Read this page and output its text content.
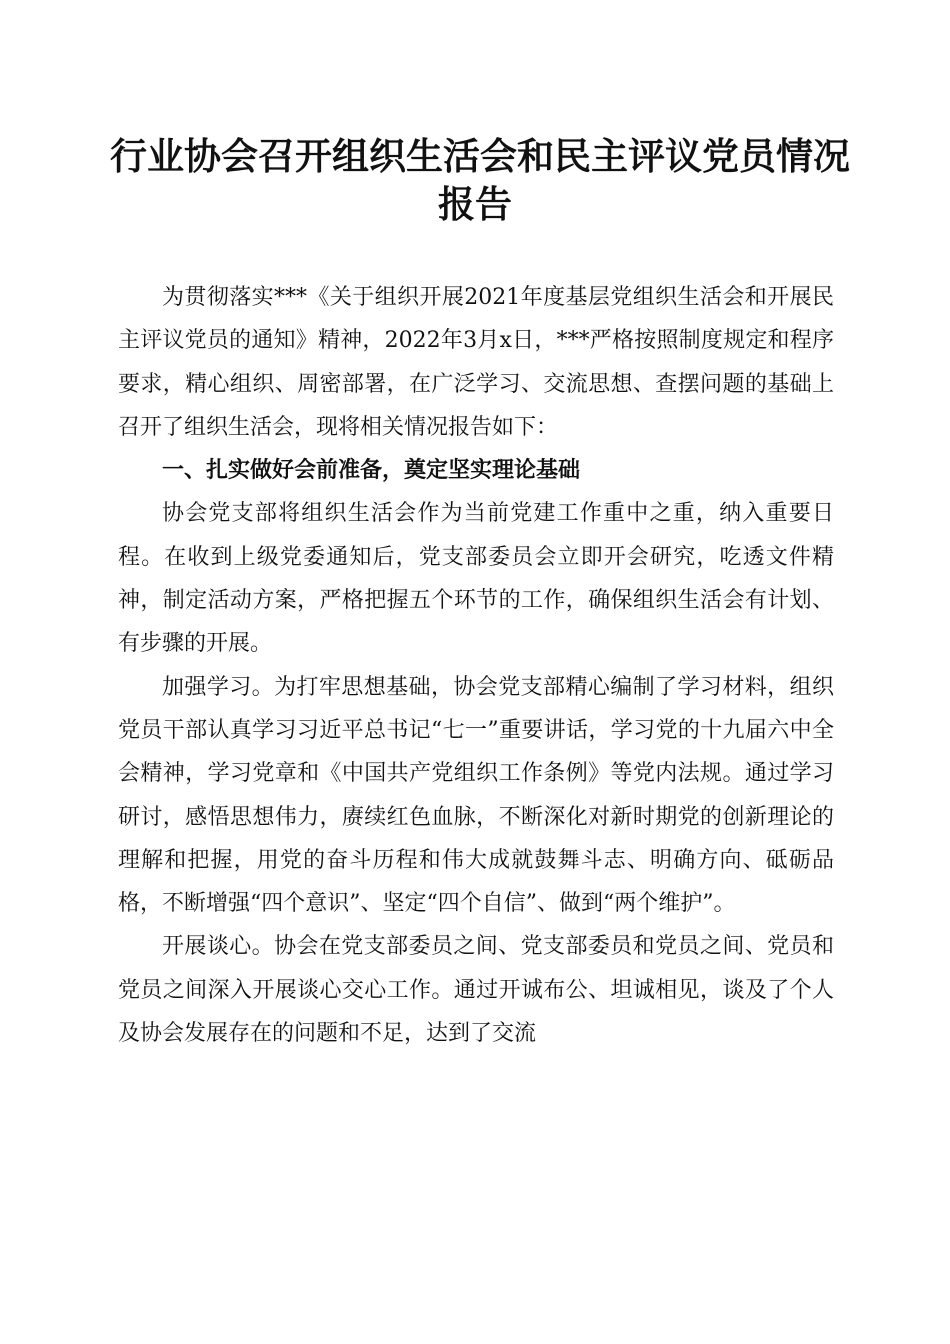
行业协会召开组织生活会和民主评议党员情况
报告

为贯彻落实***《关于组织开展2021年度基层党组织生活会和开展民主评议党员的通知》精神，2022年3月x日，***严格按照制度规定和程序要求，精心组织、周密部署，在广泛学习、交流思想、查摆问题的基础上召开了组织生活会，现将相关情况报告如下：

一、扎实做好会前准备，奠定坚实理论基础

协会党支部将组织生活会作为当前党建工作重中之重，纳入重要日程。在收到上级党委通知后，党支部委员会立即开会研究，吃透文件精神，制定活动方案，严格把握五个环节的工作，确保组织生活会有计划、有步骤的开展。

加强学习。为打牢思想基础，协会党支部精心编制了学习材料，组织党员干部认真学习习近平总书记“七一”重要讲话，学习党的十九届六中全会精神，学习党章和《中国共产党组织工作条例》等党内法规。通过学习研讨，感悟思想伟力，赓续红色血脉，不断深化对新时期党的创新理论的理解和把握，用党的奋斗历程和伟大成就鼓舞斗志、明确方向、砥砺品格，不断增强“四个意识”、坚定“四个自信”、做到“两个维护”。

开展谈心。协会在党支部委员之间、党支部委员和党员之间、党员和党员之间深入开展谈心交心工作。通过开诚布公、坦诚相见，谈及了个人及协会发展存在的问题和不足，达到了交流
